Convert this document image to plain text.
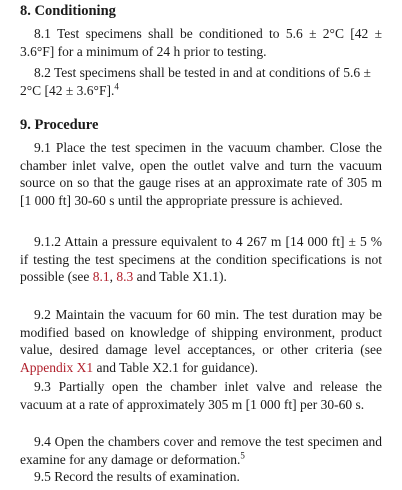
8. Conditioning

8.1 Test specimens shall be conditioned to 5.6 ± 2°C [42 ± 3.6°F] for a minimum of 24 h prior to testing.

8.2 Test specimens shall be tested in and at conditions of 5.6 ± 2°C [42 ± 3.6°F].$^4$

9. Procedure

9.1 Place the test specimen in the vacuum chamber. Close the chamber inlet valve, open the outlet valve and turn the vacuum source on so that the gauge rises at an approximate rate of 305 m [1 000 ft] 30-60 s until the appropriate pressure is achieved.

9.1.2 Attain a pressure equivalent to 4 267 m [14 000 ft] ± 5 % if testing the test specimens at the condition specifications is not possible (see 8.1, 8.3 and Table X1.1).

9.2 Maintain the vacuum for 60 min. The test duration may be modified based on knowledge of shipping environment, product value, desired damage level acceptances, or other criteria (see Appendix X1 and Table X2.1 for guidance).

9.3 Partially open the chamber inlet valve and release the vacuum at a rate of approximately 305 m [1 000 ft] per 30-60 s.

9.4 Open the chambers cover and remove the test specimen and examine for any damage or deformation.$^5$

9.5 Record the results of examination.
